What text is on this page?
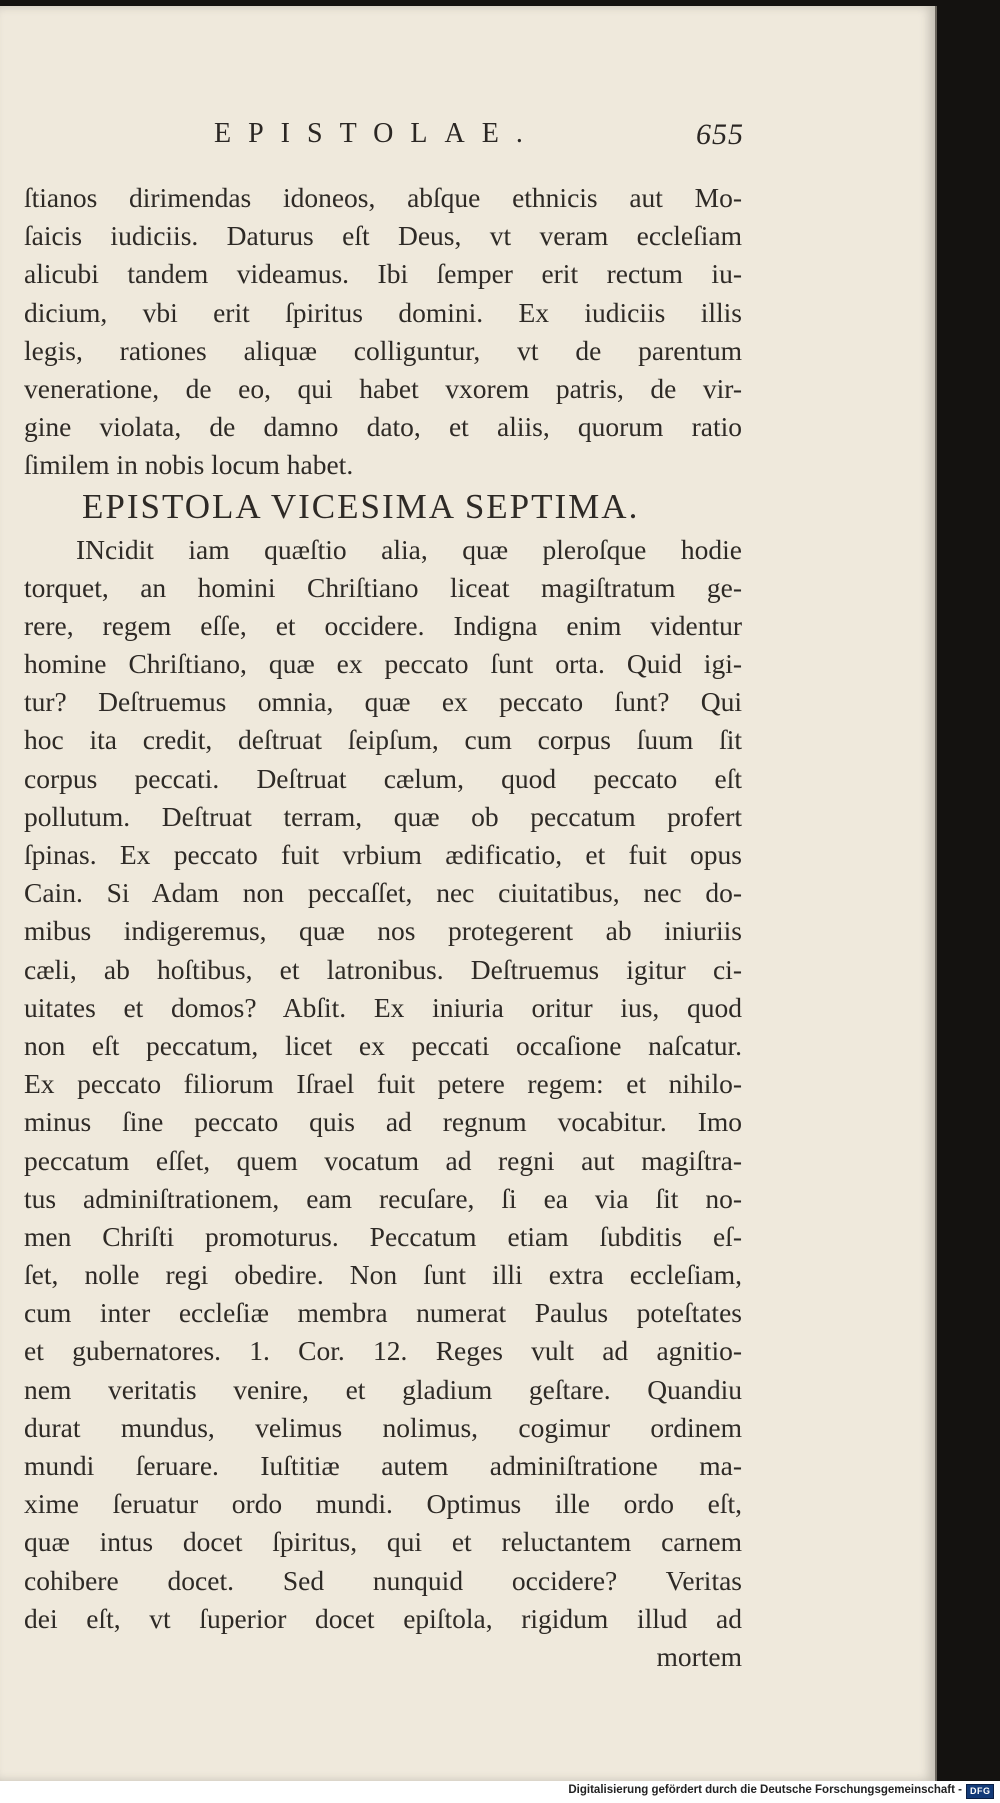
EPISTOLAE.	655
ſtianos dirimendas idoneos, abſque ethnicis aut Mo-
ſaicis iudiciis. Daturus eſt Deus, vt veram eccleſiam
alicubi tandem videamus. Ibi ſemper erit rectum iu-
dicium, vbi erit ſpiritus domini. Ex iudiciis illis
legis, rationes aliquæ colliguntur, vt de parentum
veneratione, de eo, qui habet vxorem patris, de vir-
gine violata, de damno dato, et aliis, quorum ratio
ſimilem in nobis locum habet.
EPISTOLA VICESIMA SEPTIMA.
INcidit iam quæſtio alia, quæ pleroſque hodie
torquet, an homini Chriſtiano liceat magiſtratum ge-
rere, regem eſſe, et occidere. Indigna enim videntur
homine Chriſtiano, quæ ex peccato ſunt orta. Quid igi-
tur? Deſtruemus omnia, quæ ex peccato ſunt? Qui
hoc ita credit, deſtruat ſeipſum, cum corpus ſuum ſit
corpus peccati. Deſtruat cælum, quod peccato eſt
pollutum. Deſtruat terram, quæ ob peccatum profert
ſpinas. Ex peccato fuit vrbium ædificatio, et fuit opus
Cain. Si Adam non peccaſſet, nec ciuitatibus, nec do-
mibus indigeremus, quæ nos protegerent ab iniuriis
cæli, ab hoſtibus, et latronibus. Deſtruemus igitur ci-
uitates et domos? Abſit. Ex iniuria oritur ius, quod
non eſt peccatum, licet ex peccati occaſione naſcatur.
Ex peccato filiorum Iſrael fuit petere regem: et nihilo-
minus ſine peccato quis ad regnum vocabitur. Imo
peccatum eſſet, quem vocatum ad regni aut magiſtra-
tus adminiſtrationem, eam recuſare, ſi ea via ſit no-
men Chriſti promoturus. Peccatum etiam ſubditis eſ-
ſet, nolle regi obedire. Non ſunt illi extra eccleſiam,
cum inter eccleſiæ membra numerat Paulus poteſtates
et gubernatores. 1. Cor. 12. Reges vult ad agnitio-
nem veritatis venire, et gladium geſtare. Quandiu
durat mundus, velimus nolimus, cogimur ordinem
mundi ſeruare. Iuſtitiæ autem adminiſtratione ma-
xime ſeruatur ordo mundi. Optimus ille ordo eſt,
quæ intus docet ſpiritus, qui et reluctantem carnem
cohibere docet. Sed nunquid occidere? Veritas
dei eſt, vt ſuperior docet epiſtola, rigidum illud ad
mortem
Digitalisierung gefördert durch die Deutsche Forschungsgemeinschaft - DFG
